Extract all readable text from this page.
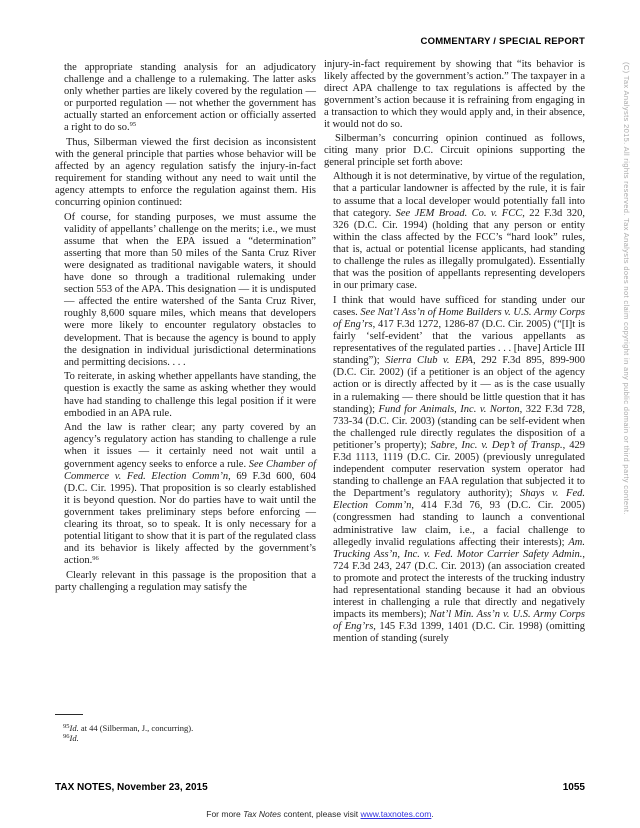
COMMENTARY / SPECIAL REPORT
the appropriate standing analysis for an adjudicatory challenge and a challenge to a rulemaking. The latter asks only whether parties are likely covered by the regulation — or purported regulation — not whether the government has actually started an enforcement action or officially asserted a right to do so.$^{95}$
Thus, Silberman viewed the first decision as inconsistent with the general principle that parties whose behavior will be affected by an agency regulation satisfy the injury-in-fact requirement for standing without any need to wait until the agency attempts to enforce the regulation against them. His concurring opinion continued:
Of course, for standing purposes, we must assume the validity of appellants’ challenge on the merits; i.e., we must assume that when the EPA issued a “determination” asserting that more than 50 miles of the Santa Cruz River were designated as traditional navigable waters, it should have done so through a traditional rulemaking under section 553 of the APA. This designation — it is undisputed — affected the entire watershed of the Santa Cruz River, roughly 8,600 square miles, which means that developers were more likely to encounter regulatory obstacles to development. That is because the agency is bound to apply the designation in individual jurisdictional determinations and permitting decisions. . . .
To reiterate, in asking whether appellants have standing, the question is exactly the same as asking whether they would have had standing to challenge this legal position if it were embodied in an APA rule.
And the law is rather clear; any party covered by an agency’s regulatory action has standing to challenge a rule when it issues — it certainly need not wait until a government agency seeks to enforce a rule. See Chamber of Commerce v. Fed. Election Comm’n, 69 F.3d 600, 604 (D.C. Cir. 1995). That proposition is so clearly established it is beyond question. Nor do parties have to wait until the government takes preliminary steps before enforcing — clearing its throat, so to speak. It is only necessary for a potential litigant to show that it is part of the regulated class and its behavior is likely affected by the government’s action.$^{96}$
Clearly relevant in this passage is the proposition that a party challenging a regulation may satisfy the
injury-in-fact requirement by showing that “its behavior is likely affected by the government’s action.” The taxpayer in a direct APA challenge to tax regulations is affected by the government’s action because it is refraining from engaging in a transaction to which they would apply and, in their absence, it would not do so.
Silberman’s concurring opinion continued as follows, citing many prior D.C. Circuit opinions supporting the general principle set forth above:
Although it is not determinative, by virtue of the regulation, that a particular landowner is affected by the rule, it is fair to assume that a local developer would potentially fall into that category. See JEM Broad. Co. v. FCC, 22 F.3d 320, 326 (D.C. Cir. 1994) (holding that any person or entity within the class affected by the FCC’s “hard look” rules, that is, actual or potential license applicants, had standing to challenge the rules as illegally promulgated). Essentially that was the position of appellants representing developers in our primary case.
I think that would have sufficed for standing under our cases. See Nat’l Ass’n of Home Builders v. U.S. Army Corps of Eng’rs, 417 F.3d 1272, 1286-87 (D.C. Cir. 2005) (“[I]t is fairly ‘self-evident’ that the various appellants as representatives of the regulated parties . . . [have] Article III standing”); Sierra Club v. EPA, 292 F.3d 895, 899-900 (D.C. Cir. 2002) (if a petitioner is an object of the agency action or is directly affected by it — as is the case usually in a rulemaking — there should be little question that it has standing); Fund for Animals, Inc. v. Norton, 322 F.3d 728, 733-34 (D.C. Cir. 2003) (standing can be self-evident when the challenged rule directly regulates the disposition of a petitioner’s property); Sabre, Inc. v. Dep’t of Transp., 429 F.3d 1113, 1119 (D.C. Cir. 2005) (previously unregulated independent computer reservation system operator had standing to challenge an FAA regulation that subjected it to the Department’s regulatory authority); Shays v. Fed. Election Comm’n, 414 F.3d 76, 93 (D.C. Cir. 2005) (congressmen had standing to launch a conventional administrative law claim, i.e., a facial challenge to allegedly invalid regulations affecting their interests); Am. Trucking Ass’n, Inc. v. Fed. Motor Carrier Safety Admin., 724 F.3d 243, 247 (D.C. Cir. 2013) (an association created to promote and protect the interests of the trucking industry had representational standing because it had an obvious interest in challenging a rule that directly and negatively impacts its members); Nat’l Min. Ass’n v. U.S. Army Corps of Eng’rs, 145 F.3d 1399, 1401 (D.C. Cir. 1998) (omitting mention of standing (surely
$^{95}$Id. at 44 (Silberman, J., concurring).
$^{96}$Id.
TAX NOTES, November 23, 2015	1055
For more Tax Notes content, please visit www.taxnotes.com.
(C) Tax Analysts 2015. All rights reserved. Tax Analysts does not claim copyright in any public domain or third party content.
